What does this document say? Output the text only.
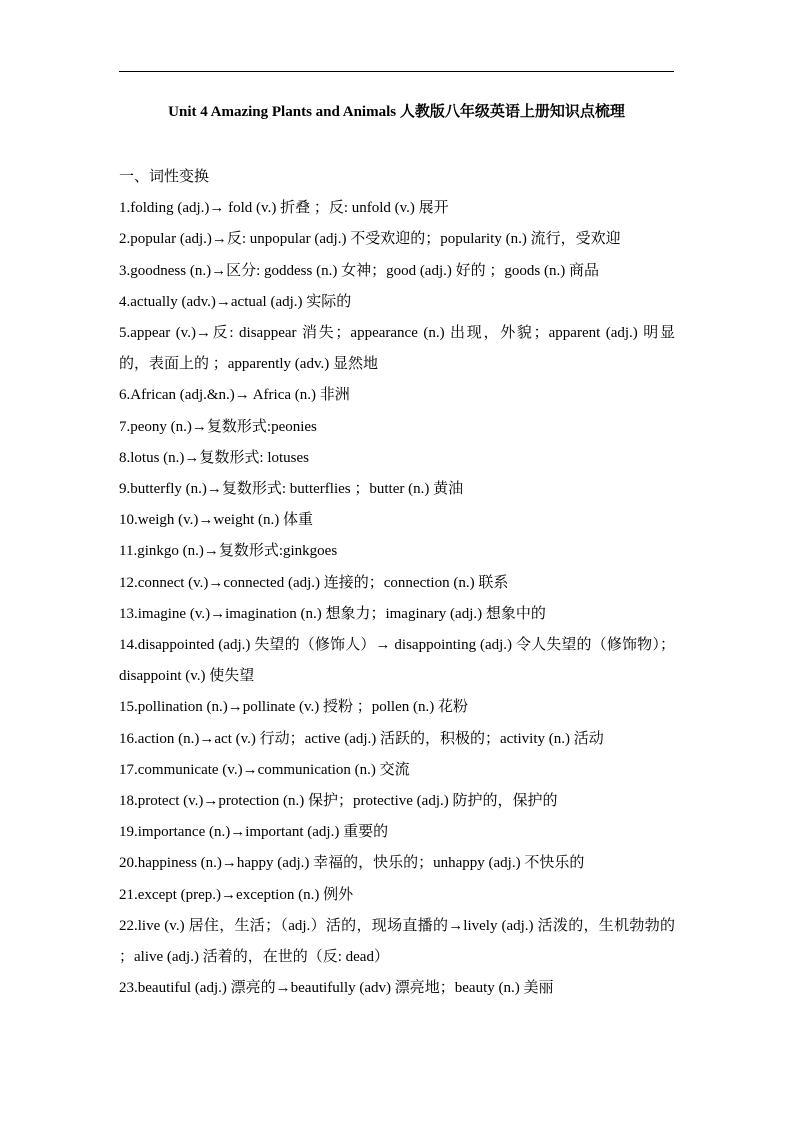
Unit 4 Amazing Plants and Animals 人教版八年级英语上册知识点梳理

一、词性变换

1.folding (adj.)→ fold (v.) 折叠 ；反: unfold (v.) 展开

2.popular (adj.)→反: unpopular (adj.) 不受欢迎的；popularity (n.) 流行，受欢迎

3.goodness (n.)→区分: goddess (n.) 女神；good (adj.) 好的 ；goods (n.) 商品

4.actually (adv.)→actual (adj.) 实际的

5.appear (v.)→反: disappear 消失；appearance (n.) 出现，外貌；apparent (adj.) 明显的，表面上的 ；apparently (adv.) 显然地

6.African (adj.&n.)→ Africa (n.) 非洲

7.peony (n.)→复数形式:peonies

8.lotus (n.)→复数形式: lotuses

9.butterfly (n.)→复数形式: butterflies ；butter (n.) 黄油

10.weigh (v.)→weight (n.) 体重

11.ginkgo (n.)→复数形式:ginkgoes

12.connect (v.)→connected (adj.) 连接的；connection (n.) 联系

13.imagine (v.)→imagination (n.) 想象力；imaginary (adj.) 想象中的

14.disappointed (adj.) 失望的（修饰人）→ disappointing (adj.) 令人失望的（修饰物）；disappoint (v.) 使失望

15.pollination (n.)→pollinate (v.) 授粉 ；pollen (n.) 花粉

16.action (n.)→act (v.) 行动；active (adj.) 活跃的，积极的；activity (n.) 活动

17.communicate (v.)→communication (n.) 交流

18.protect (v.)→protection (n.) 保护；protective (adj.) 防护的，保护的

19.importance (n.)→important (adj.) 重要的

20.happiness (n.)→happy (adj.) 幸福的，快乐的；unhappy (adj.) 不快乐的

21.except (prep.)→exception (n.) 例外

22.live (v.) 居住，生活；（adj.）活的，现场直播的→lively (adj.) 活泼的，生机勃勃的 ；alive (adj.) 活着的，在世的（反: dead）

23.beautiful (adj.) 漂亮的→beautifully (adv) 漂亮地；beauty (n.) 美丽
